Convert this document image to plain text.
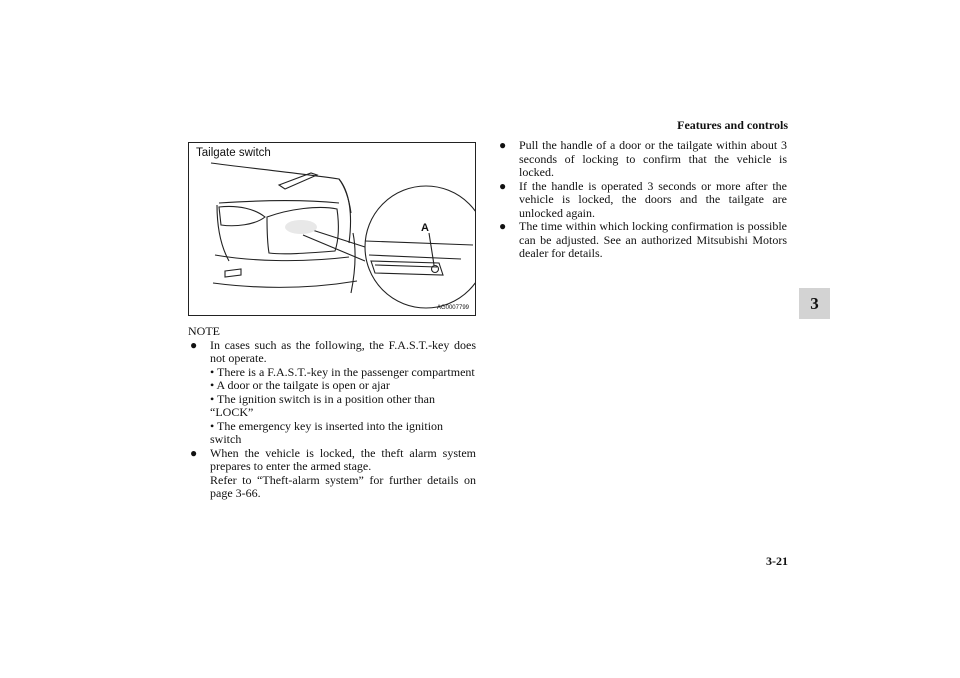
Features and controls
3-21
3
A
Tailgate switch
AG0007799

NOTE

● In cases such as the following, the F.A.S.T.-key does not operate.
• There is a F.A.S.T.-key in the passenger compartment
• A door or the tailgate is open or ajar
• The ignition switch is in a position other than “LOCK”
• The emergency key is inserted into the ignition switch
● When the vehicle is locked, the theft alarm system prepares to enter the armed stage.
Refer to “Theft-alarm system” for further details on page 3-66.
● Pull the handle of a door or the tailgate within about 3 seconds of locking to confirm that the vehicle is locked.
● If the handle is operated 3 seconds or more after the vehicle is locked, the doors and the tailgate are unlocked again.
● The time within which locking confirmation is possible can be adjusted. See an authorized Mitsubishi Motors dealer for details.
